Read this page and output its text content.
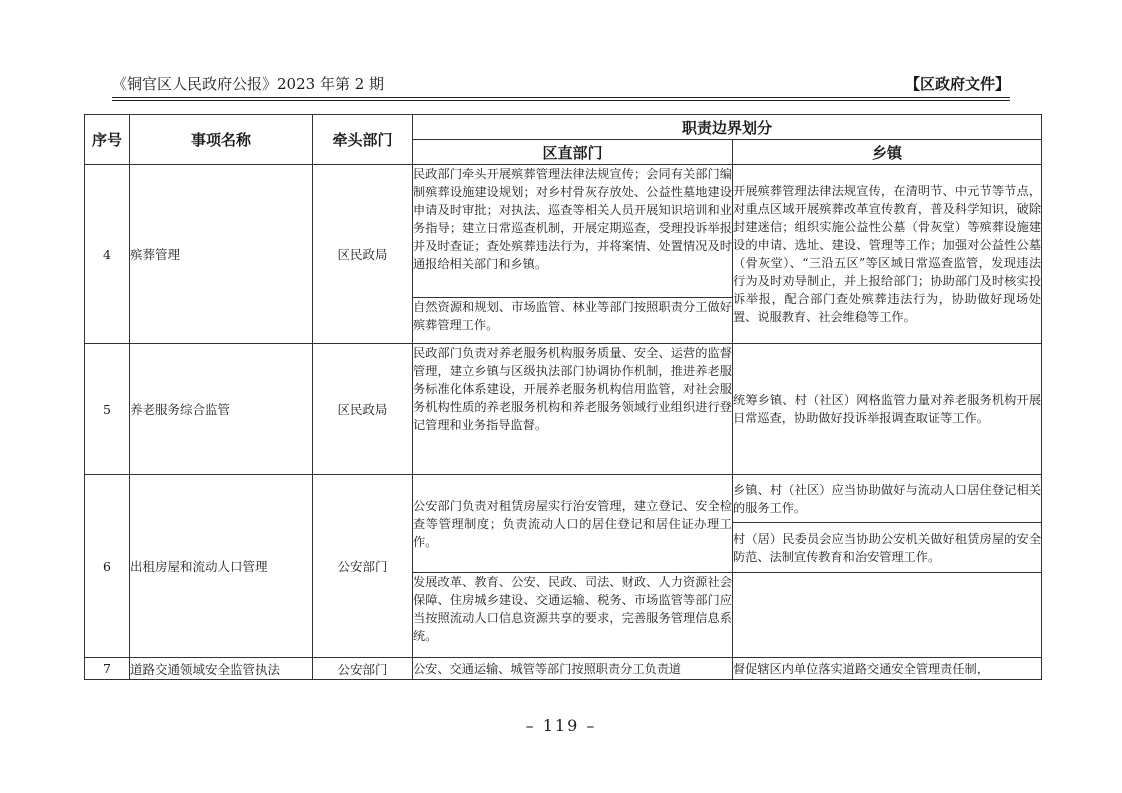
《铜官区人民政府公报》2023 年第 2 期	【区政府文件】
序号	事项名称	牵头部门	职责边界划分	
			区直部门	乡镇
4	殡葬管理	区民政局	民政部门牵头开展殡葬管理法律法规宣传；会同有关部门编制殡葬设施建设规划；对乡村骨灰存放处、公益性墓地建设申请及时审批；对执法、巡查等相关人员开展知识培训和业务指导；建立日常巡查机制，开展定期巡查，受理投诉举报并及时查证；查处殡葬违法行为，并将案情、处置情况及时通报给相关部门和乡镇。	开展殡葬管理法律法规宣传，在清明节、中元节等节点，对重点区域开展殡葬改革宣传教育，普及科学知识，破除封建迷信；组织实施公益性公墓（骨灰堂）等殡葬设施建设的申请、选址、建设、管理等工作；加强对公益性公墓（骨灰堂）、“三沿五区”等区域日常巡查监管，发现违法行为及时劝导制止，并上报给部门；协助部门及时核实投诉举报，配合部门查处殡葬违法行为，协助做好现场处置、说服教育、社会维稳等工作。
			自然资源和规划、市场监管、林业等部门按照职责分工做好殡葬管理工作。	
5	养老服务综合监管	区民政局	民政部门负责对养老服务机构服务质量、安全、运营的监督管理，建立乡镇与区级执法部门协调协作机制，推进养老服务标准化体系建设，开展养老服务机构信用监管，对社会服务机构性质的养老服务机构和养老服务领域行业组织进行登记管理和业务指导监督。	统筹乡镇、村（社区）网格监管力量对养老服务机构开展日常巡查，协助做好投诉举报调查取证等工作。
6	出租房屋和流动人口管理	公安部门	公安部门负责对租赁房屋实行治安管理，建立登记、安全检查等管理制度；负责流动人口的居住登记和居住证办理工作。	乡镇、村（社区）应当协助做好与流动人口居住登记相关的服务工作。
				村（居）民委员会应当协助公安机关做好租赁房屋的安全防范、法制宣传教育和治安管理工作。
			发展改革、教育、公安、民政、司法、财政、人力资源社会保障、住房城乡建设、交通运输、税务、市场监管等部门应当按照流动人口信息资源共享的要求，完善服务管理信息系统。	
7	道路交通领域安全监管执法	公安部门	公安、交通运输、城管等部门按照职责分工负责道	督促辖区内单位落实道路交通安全管理责任制，
– 119 –
